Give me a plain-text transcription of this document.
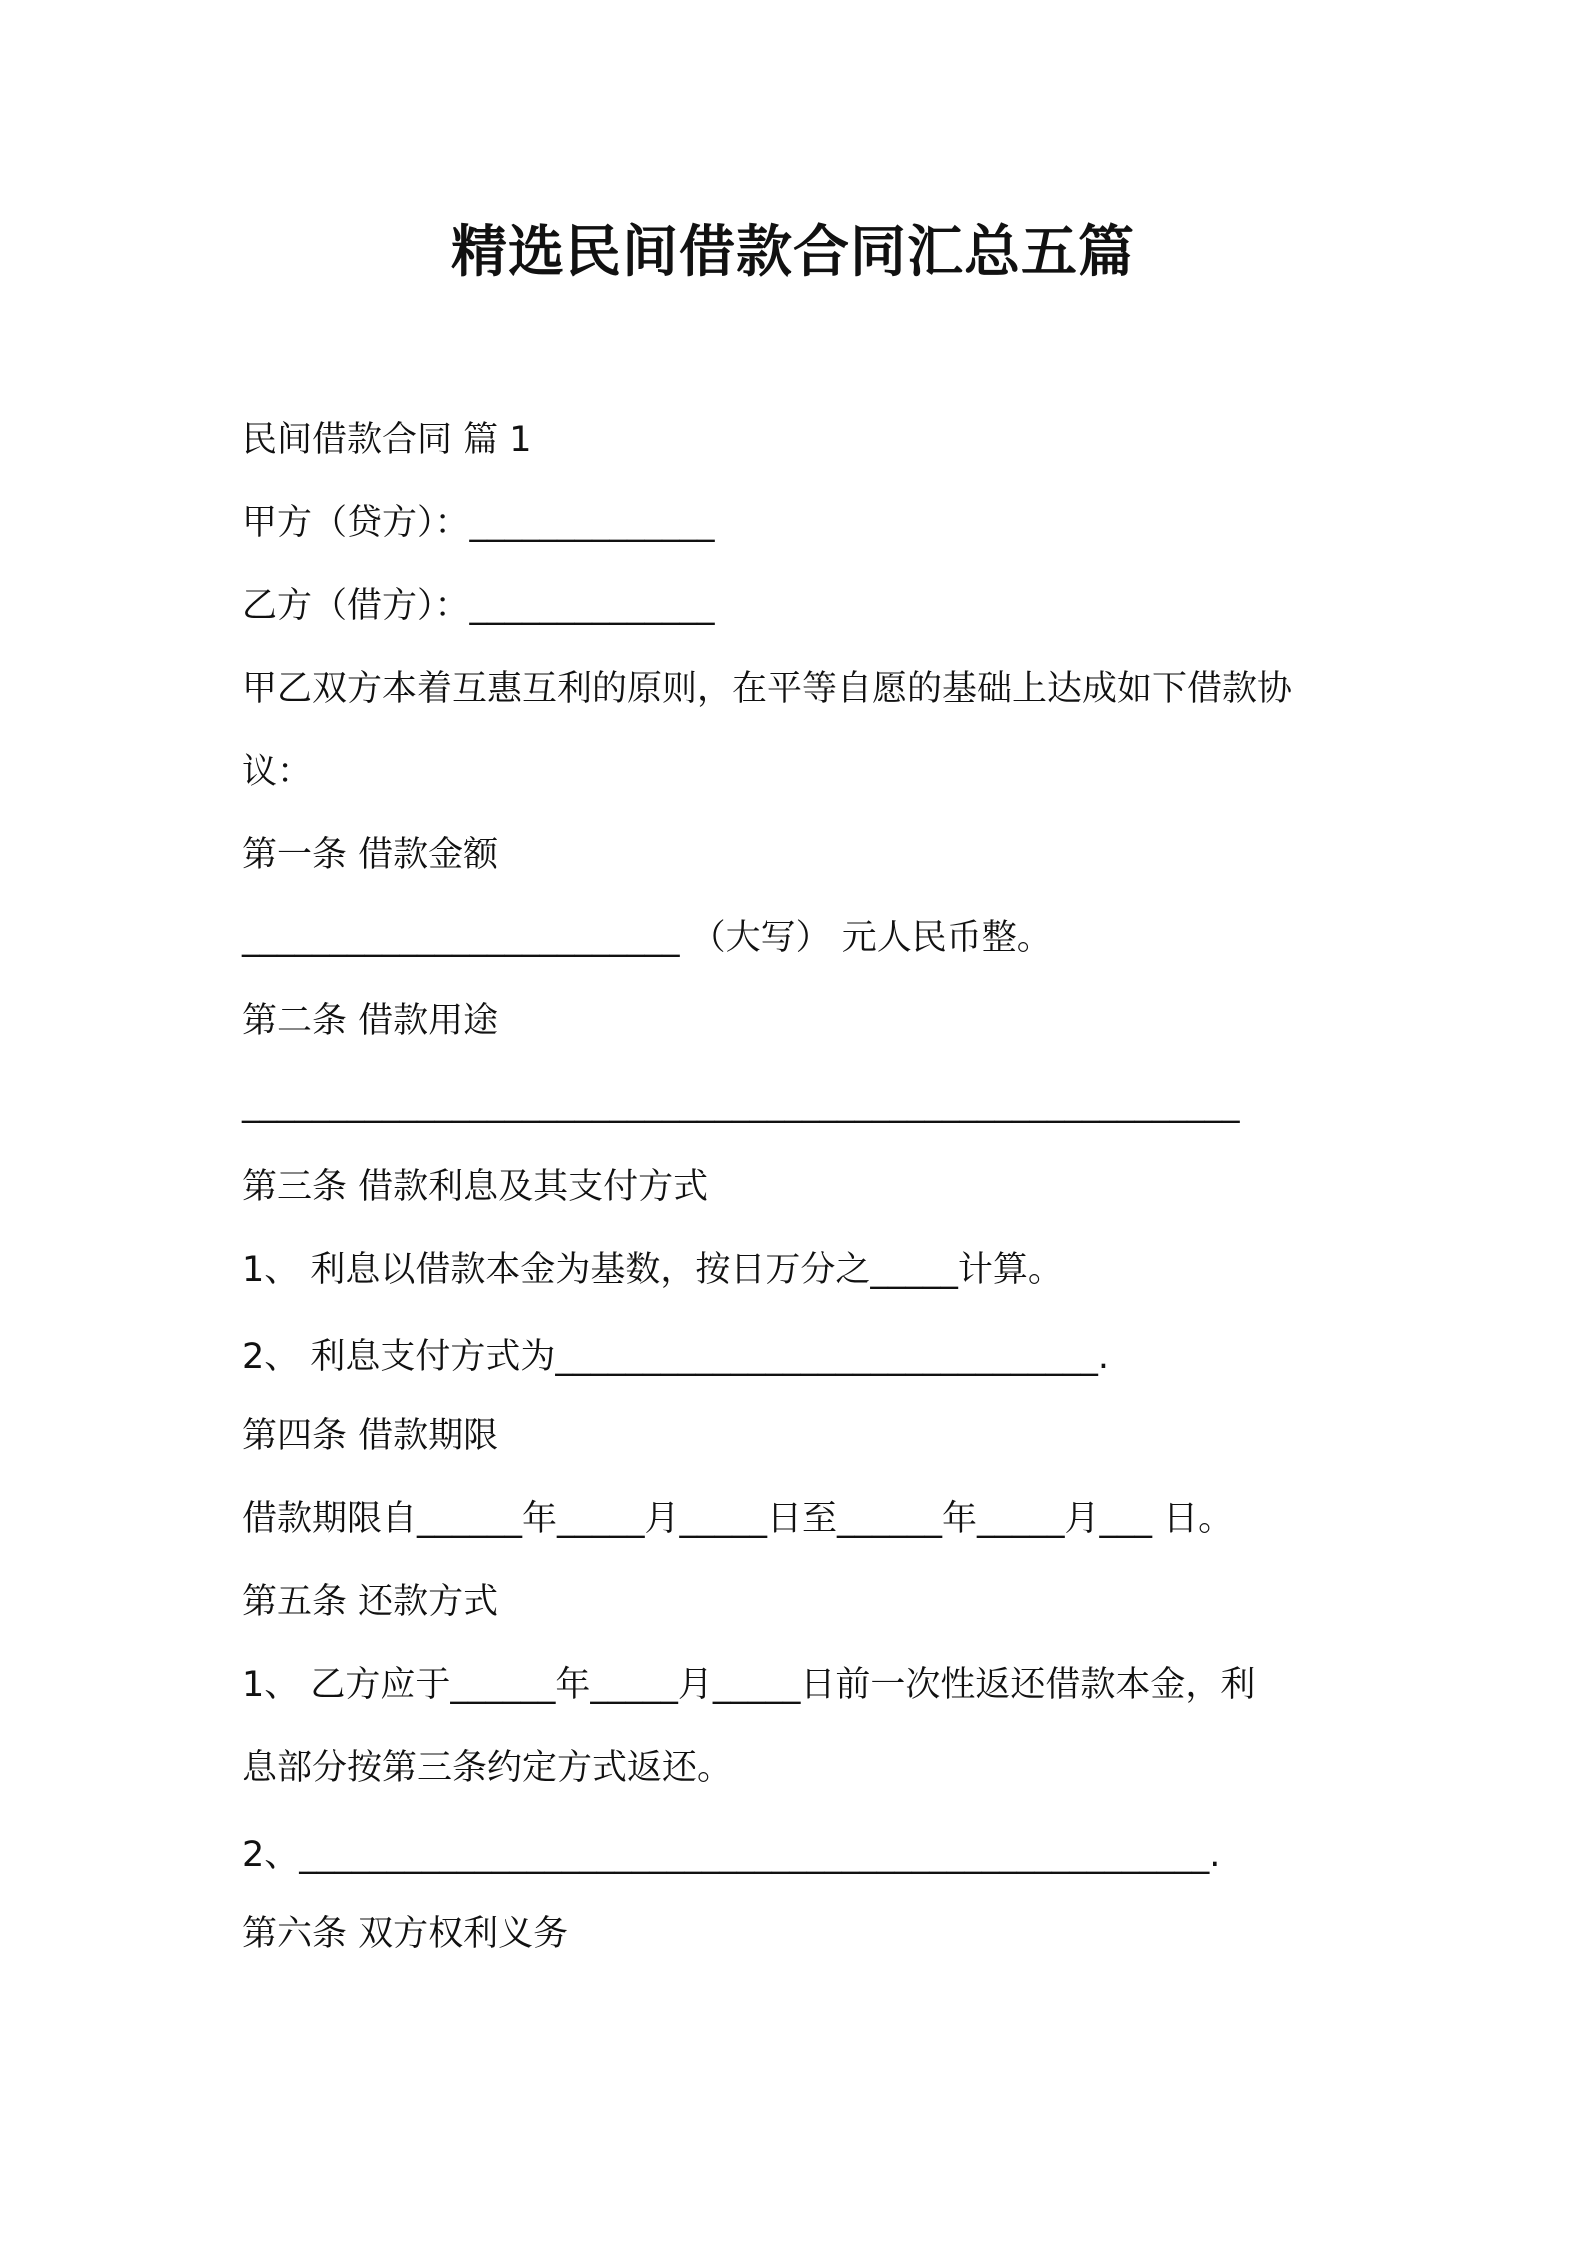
精选民间借款合同汇总五篇
民间借款合同 篇 1
甲方（贷方）：______________
乙方（借方）：______________
甲乙双方本着互惠互利的原则，在平等自愿的基础上达成如下借款协
议：
第一条 借款金额
_________________________ （大写） 元人民币整。
第二条 借款用途
_________________________________________________________
第三条 借款利息及其支付方式
1、 利息以借款本金为基数，按日万分之_____计算。
2、 利息支付方式为_______________________________.
第四条 借款期限
借款期限自______年_____月_____日至______年_____月___ 日。
第五条 还款方式
1、 乙方应于______年_____月_____日前一次性返还借款本金，利
息部分按第三条约定方式返还。
2、____________________________________________________.
第六条 双方权利义务
